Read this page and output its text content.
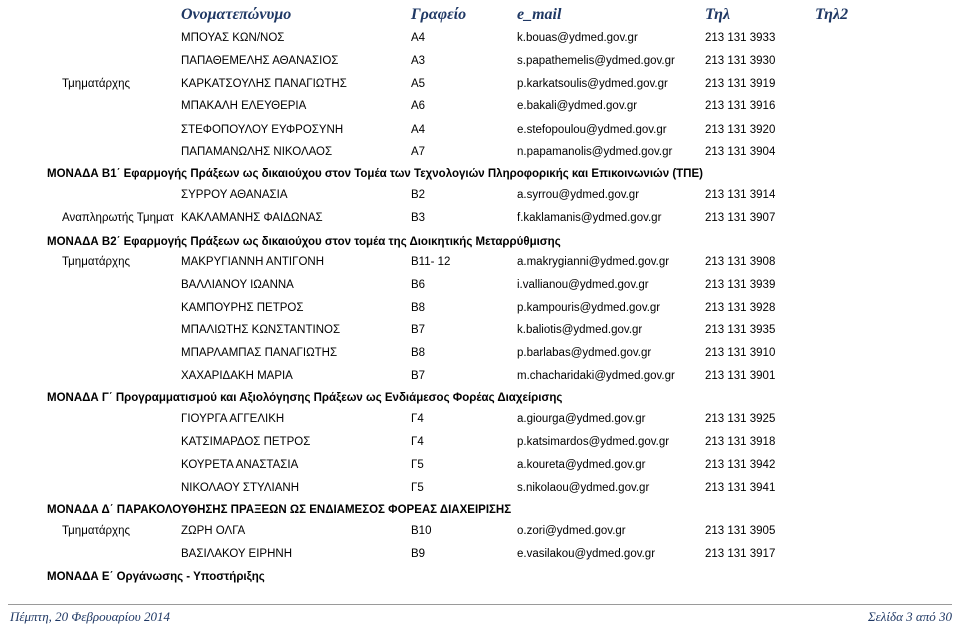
Ονοματεπώνυμο	Γραφείο	e_mail	Τηλ	Τηλ2
ΜΠΟΥΑΣ ΚΩΝ/ΝΟΣ	Α4	k.bouas@ydmed.gov.gr	213 131 3933
ΠΑΠΑΘΕΜΕΛΗΣ ΑΘΑΝΑΣΙΟΣ	Α3	s.papathemelis@ydmed.gov.gr	213 131 3930
Τμηματάρχης	ΚΑΡΚΑΤΣΟΥΛΗΣ ΠΑΝΑΓΙΩΤΗΣ	Α5	p.karkatsoulis@ydmed.gov.gr	213 131 3919
ΜΠΑΚΑΛΗ ΕΛΕΥΘΕΡΙΑ	Α6	e.bakali@ydmed.gov.gr	213 131 3916
ΣΤΕΦΟΠΟΥΛΟΥ ΕΥΦΡΟΣΥΝΗ	Α4	e.stefopoulou@ydmed.gov.gr	213 131 3920
ΠΑΠΑΜΑΝΩΛΗΣ ΝΙΚΟΛΑΟΣ	Α7	n.papamanolis@ydmed.gov.gr	213 131 3904
ΜΟΝΑΔΑ Β1΄ Εφαρμογής Πράξεων ως δικαιούχου στον Τομέα των Τεχνολογιών Πληροφορικής και Επικοινωνιών (ΤΠΕ)
ΣΥΡΡΟΥ ΑΘΑΝΑΣΙΑ	Β2	a.syrrou@ydmed.gov.gr	213 131 3914
Αναπληρωτής Τμηματ ΚΑΚΛΑΜΑΝΗΣ ΦΑΙΔΩΝΑΣ	Β3	f.kaklamanis@ydmed.gov.gr	213 131 3907
ΜΟΝΑΔΑ Β2΄ Εφαρμογής Πράξεων ως δικαιούχου στον τομέα της Διοικητικής Μεταρρύθμισης
Τμηματάρχης	ΜΑΚΡΥΓΙΑΝΝΗ ΑΝΤΙΓΟΝΗ	Β11- 12	a.makrygianni@ydmed.gov.gr	213 131 3908
ΒΑΛΛΙΑΝΟΥ ΙΩΑΝΝΑ	Β6	i.vallianou@ydmed.gov.gr	213 131 3939
ΚΑΜΠΟΥΡΗΣ ΠΕΤΡΟΣ	Β8	p.kampouris@ydmed.gov.gr	213 131 3928
ΜΠΑΛΙΩΤΗΣ ΚΩΝΣΤΑΝΤΙΝΟΣ	Β7	k.baliotis@ydmed.gov.gr	213 131 3935
ΜΠΑΡΛΑΜΠΑΣ ΠΑΝΑΓΙΩΤΗΣ	Β8	p.barlabas@ydmed.gov.gr	213 131 3910
ΧΑΧΑΡΙΔΑΚΗ ΜΑΡΙΑ	Β7	m.chacharidaki@ydmed.gov.gr	213 131 3901
ΜΟΝΑΔΑ Γ΄ Προγραμματισμού και Αξιολόγησης Πράξεων ως Ενδιάμεσος Φορέας Διαχείρισης
ΓΙΟΥΡΓΑ ΑΓΓΕΛΙΚΗ	Γ4	a.giourga@ydmed.gov.gr	213 131 3925
ΚΑΤΣΙΜΑΡΔΟΣ ΠΕΤΡΟΣ	Γ4	p.katsimardos@ydmed.gov.gr	213 131 3918
ΚΟΥΡΕΤΑ ΑΝΑΣΤΑΣΙΑ	Γ5	a.koureta@ydmed.gov.gr	213 131 3942
ΝΙΚΟΛΑΟΥ ΣΤΥΛΙΑΝΗ	Γ5	s.nikolaou@ydmed.gov.gr	213 131 3941
ΜΟΝΑΔΑ Δ΄ ΠΑΡΑΚΟΛΟΥΘΗΣΗΣ ΠΡΑΞΕΩΝ ΩΣ ΕΝΔΙΑΜΕΣΟΣ ΦΟΡΕΑΣ ΔΙΑΧΕΙΡΙΣΗΣ
Τμηματάρχης	ΖΩΡΗ ΟΛΓΑ	Β10	o.zori@ydmed.gov.gr	213 131 3905
ΒΑΣΙΛΑΚΟΥ ΕΙΡΗΝΗ	Β9	e.vasilakou@ydmed.gov.gr	213 131 3917
ΜΟΝΑΔΑ Ε΄ Οργάνωσης - Υποστήριξης
Πέμπτη, 20 Φεβρουαρίου 2014	Σελίδα 3 από 30
